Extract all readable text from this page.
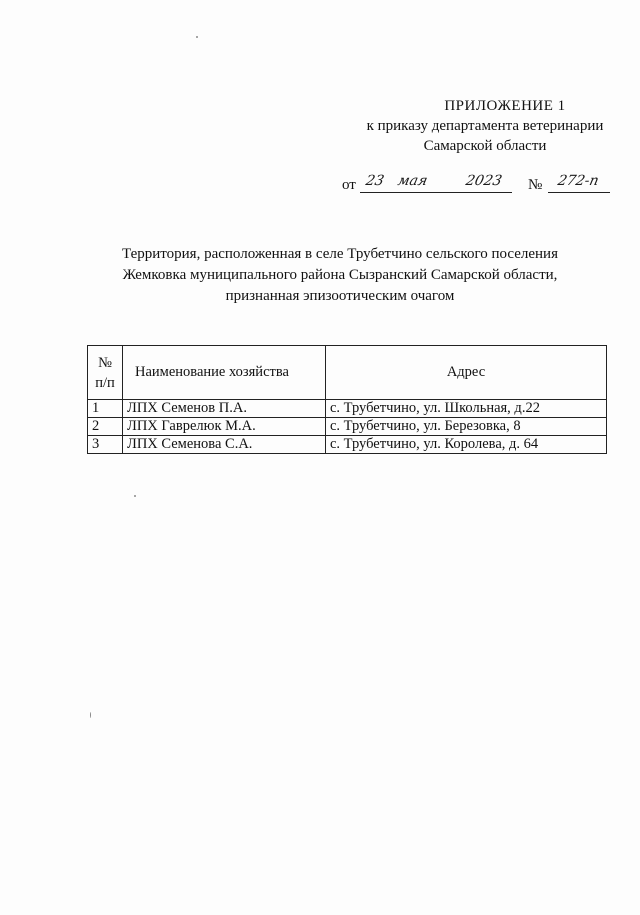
ПРИЛОЖЕНИЕ 1
к приказу департамента ветеринарии
Самарской области
от 23 мая	2023 № 272-п
Территория, расположенная в селе Трубетчино сельского поселения
Жемковка муниципального района Сызранский Самарской области,
признанная эпизоотическим очагом
№
п/п	Наименование хозяйства	Адрес
1	ЛПХ Семенов П.А.	с. Трубетчино, ул. Школьная, д.22
2	ЛПХ Гаврелюк М.А.	с. Трубетчино, ул. Березовка, 8
3	ЛПХ Семенова С.А.	с. Трубетчино, ул. Королева, д. 64
